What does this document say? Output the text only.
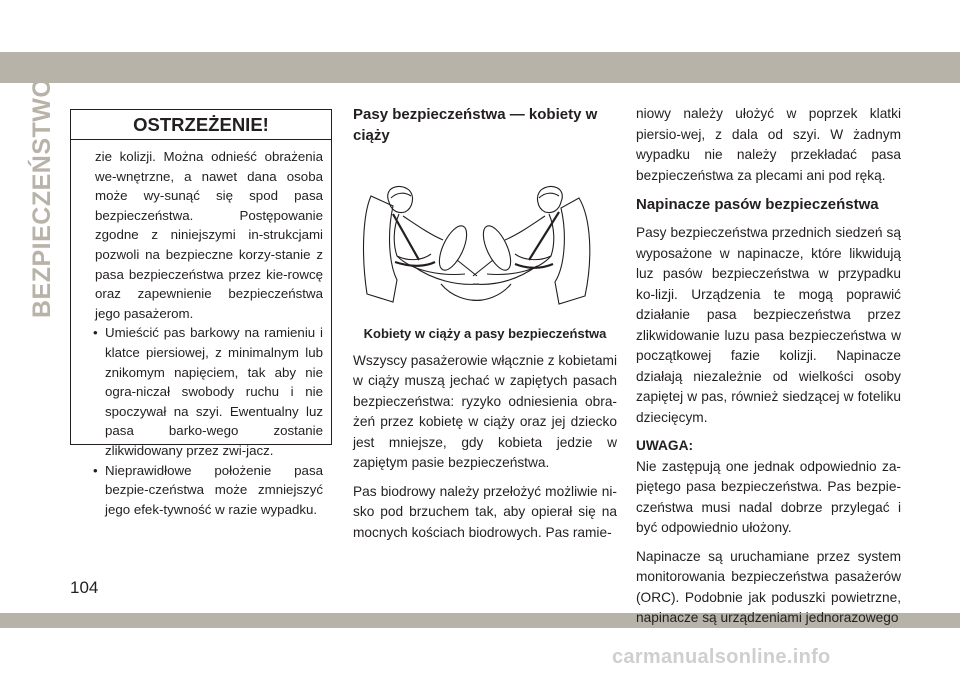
BEZPIECZEŃSTWO	OSTRZEŻENIE!

zie kolizji. Można odnieść obrażenia we-wnętrzne, a nawet dana osoba może wy-sunąć się spod pasa bezpieczeństwa. Postępowanie zgodne z niniejszymi in-strukcjami pozwoli na bezpieczne korzy-stanie z pasa bezpieczeństwa przez kie-rowcę oraz zapewnienie bezpieczeństwa jego pasażerom.

• Umieścić pas barkowy na ramieniu i klatce piersiowej, z minimalnym lub znikomym napięciem, tak aby nie ogra-niczał swobody ruchu i nie spoczywał na szyi. Ewentualny luz pasa barko-wego zostanie zlikwidowany przez zwi-jacz.

• Nieprawidłowe położenie pasa bezpie-czeństwa może zmniejszyć jego efek-tywność w razie wypadku.

Pasy bezpieczeństwa — kobiety w ciąży
Kobiety w ciąży a pasy bezpieczeństwa

Wszyscy pasażerowie włącznie z kobietami w ciąży muszą jechać w zapiętych pasach bezpieczeństwa: ryzyko odniesienia obra-żeń przez kobietę w ciąży oraz jej dziecko jest mniejsze, gdy kobieta jedzie w zapiętym pasie bezpieczeństwa.

Pas biodrowy należy przełożyć możliwie ni-sko pod brzuchem tak, aby opierał się na mocnych kościach biodrowych. Pas ramie-

niowy należy ułożyć w poprzek klatki piersio-wej, z dala od szyi. W żadnym wypadku nie należy przekładać pasa bezpieczeństwa za plecami ani pod ręką.

Napinacze pasów bezpieczeństwa

Pasy bezpieczeństwa przednich siedzeń są wyposażone w napinacze, które likwidują luz pasów bezpieczeństwa w przypadku ko-lizji. Urządzenia te mogą poprawić działanie pasa bezpieczeństwa przez zlikwidowanie luzu pasa bezpieczeństwa w początkowej fazie kolizji. Napinacze działają niezależnie od wielkości osoby zapiętej w pas, również siedzącej w foteliku dziecięcym.

UWAGA:

Nie zastępują one jednak odpowiednio za-piętego pasa bezpieczeństwa. Pas bezpie-czeństwa musi nadal dobrze przylegać i być odpowiednio ułożony.

Napinacze są uruchamiane przez system monitorowania bezpieczeństwa pasażerów (ORC). Podobnie jak poduszki powietrzne, napinacze są urządzeniami jednorazowego

104
carmanualsonline.info
